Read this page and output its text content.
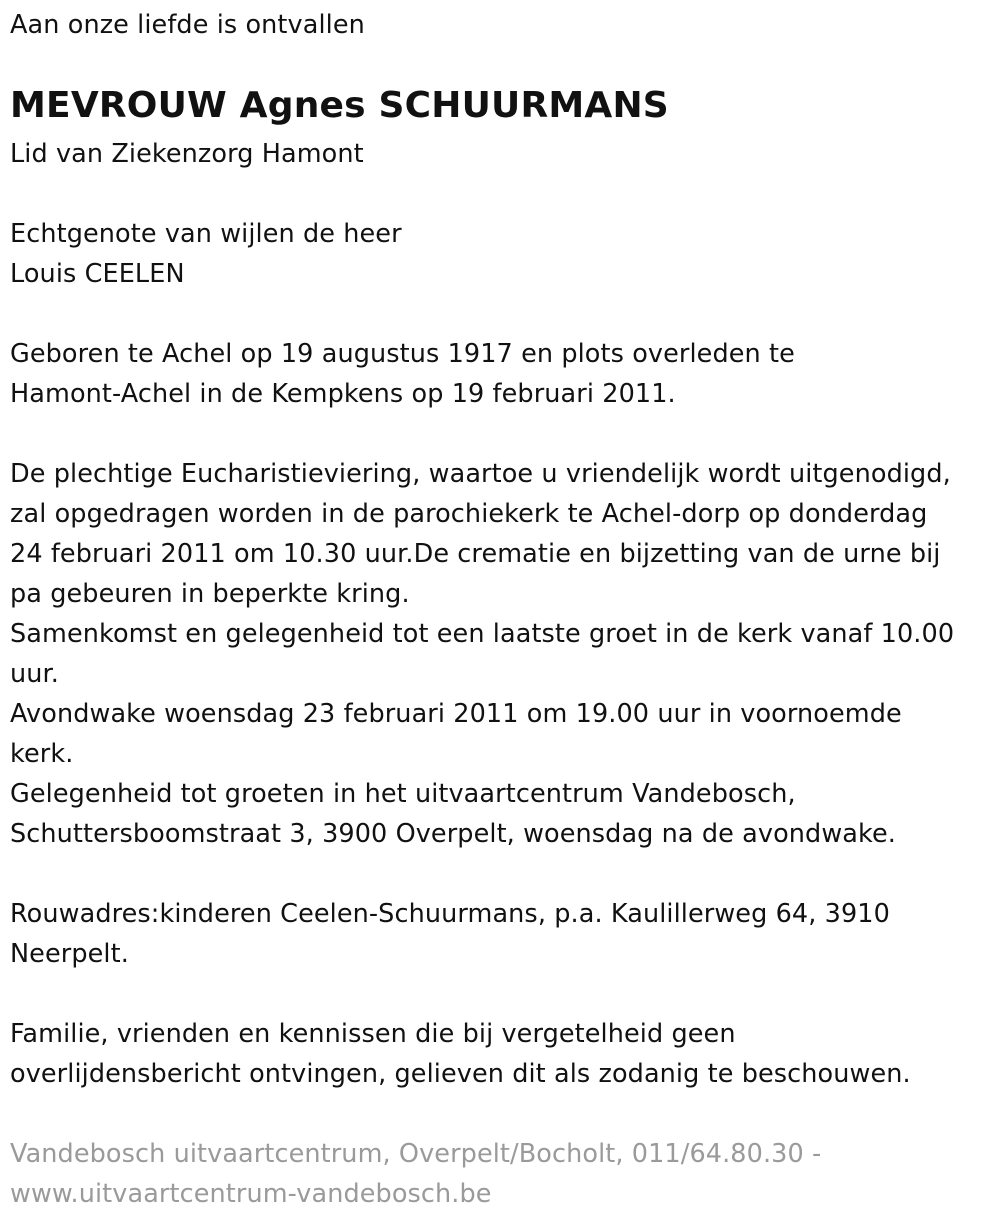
Aan onze liefde is ontvallen
MEVROUW Agnes SCHUURMANS
Lid van Ziekenzorg Hamont
Echtgenote van wijlen de heer
Louis CEELEN
Geboren te Achel op 19 augustus 1917 en plots overleden te
Hamont-Achel in de Kempkens op 19 februari 2011.
De plechtige Eucharistieviering, waartoe u vriendelijk wordt uitgenodigd,
zal opgedragen worden in de parochiekerk te Achel-dorp op donderdag
24 februari 2011 om 10.30 uur.De crematie en bijzetting van de urne bij
pa gebeuren in beperkte kring.
Samenkomst en gelegenheid tot een laatste groet in de kerk vanaf 10.00
uur.
Avondwake woensdag 23 februari 2011 om 19.00 uur in voornoemde
kerk.
Gelegenheid tot groeten in het uitvaartcentrum Vandebosch,
Schuttersboomstraat 3, 3900 Overpelt, woensdag na de avondwake.
Rouwadres:kinderen Ceelen-Schuurmans, p.a. Kaulillerweg 64, 3910
Neerpelt.
Familie, vrienden en kennissen die bij vergetelheid geen
overlijdensbericht ontvingen, gelieven dit als zodanig te beschouwen.
Vandebosch uitvaartcentrum, Overpelt/Bocholt, 011/64.80.30 -
www.uitvaartcentrum-vandebosch.be
